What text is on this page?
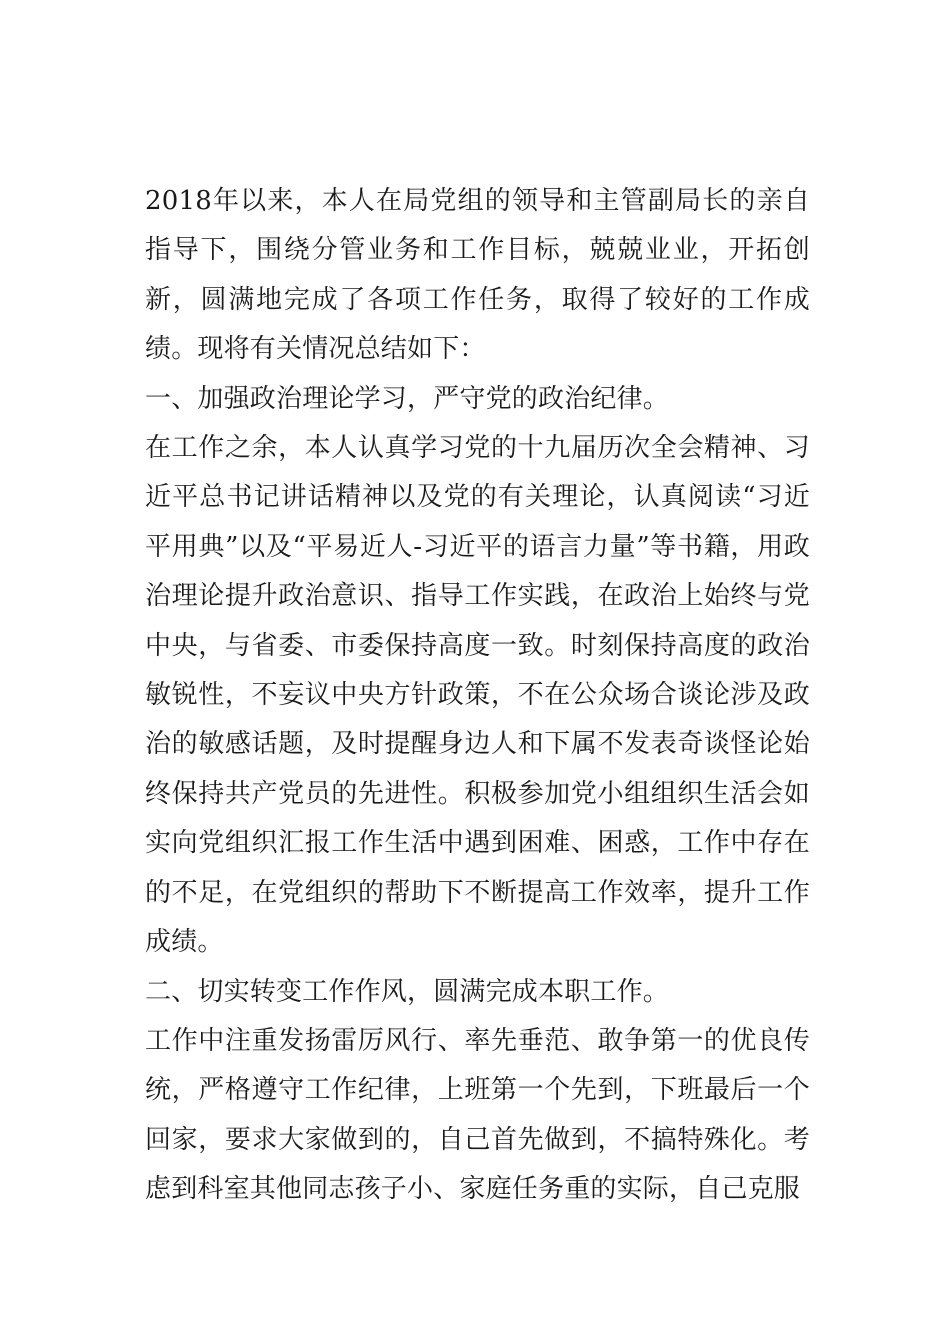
2018年以来，本人在局党组的领导和主管副局长的亲自指导下，围绕分管业务和工作目标，兢兢业业，开拓创新，圆满地完成了各项工作任务，取得了较好的工作成绩。现将有关情况总结如下：

一、加强政治理论学习，严守党的政治纪律。

在工作之余，本人认真学习党的十九届历次全会精神、习近平总书记讲话精神以及党的有关理论，认真阅读“习近平用典”以及“平易近人-习近平的语言力量”等书籍，用政治理论提升政治意识、指导工作实践，在政治上始终与党中央，与省委、市委保持高度一致。时刻保持高度的政治敏锐性，不妄议中央方针政策，不在公众场合谈论涉及政治的敏感话题，及时提醒身边人和下属不发表奇谈怪论始终保持共产党员的先进性。积极参加党小组组织生活会如实向党组织汇报工作生活中遇到困难、困惑，工作中存在的不足，在党组织的帮助下不断提高工作效率，提升工作成绩。

二、切实转变工作作风，圆满完成本职工作。

工作中注重发扬雷厉风行、率先垂范、敢争第一的优良传统，严格遵守工作纪律，上班第一个先到，下班最后一个回家，要求大家做到的，自己首先做到，不搞特殊化。考虑到科室其他同志孩子小、家庭任务重的实际，自己克服
